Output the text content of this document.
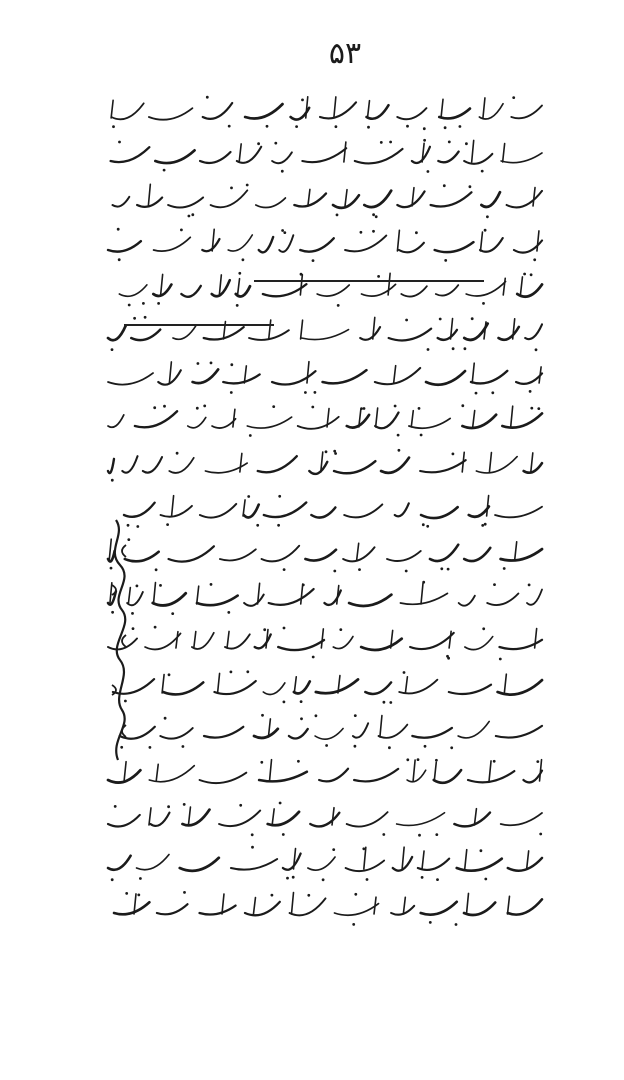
۵۳
